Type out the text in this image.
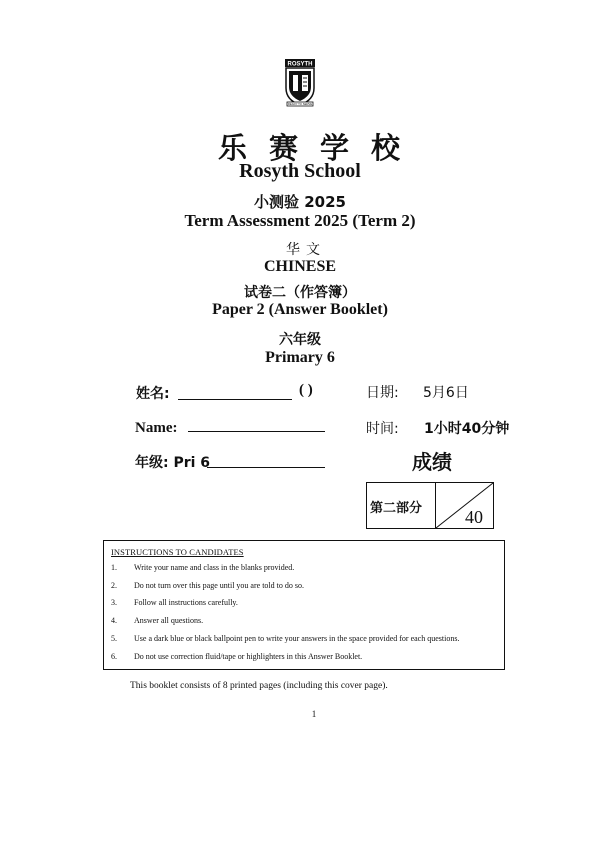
ROSYTH
READY TO SERVE
乐赛学校
Rosyth School
小测验 2025
Term Assessment 2025 (Term 2)
华文
CHINESE
试卷二（作答簿）
Paper 2 (Answer Booklet)
六年级
Primary 6
姓名:	( )	日期: 5月6日
Name:	时间: 1小时40分钟
年级: Pri 6	成绩
第二部分 40
INSTRUCTIONS TO CANDIDATES
1. Write your name and class in the blanks provided.
2. Do not turn over this page until you are told to do so.
3. Follow all instructions carefully.
4. Answer all questions.
5. Use a dark blue or black ballpoint pen to write your answers in the space provided for each questions.
6. Do not use correction fluid/tape or highlighters in this Answer Booklet.
This booklet consists of 8 printed pages (including this cover page).
1
